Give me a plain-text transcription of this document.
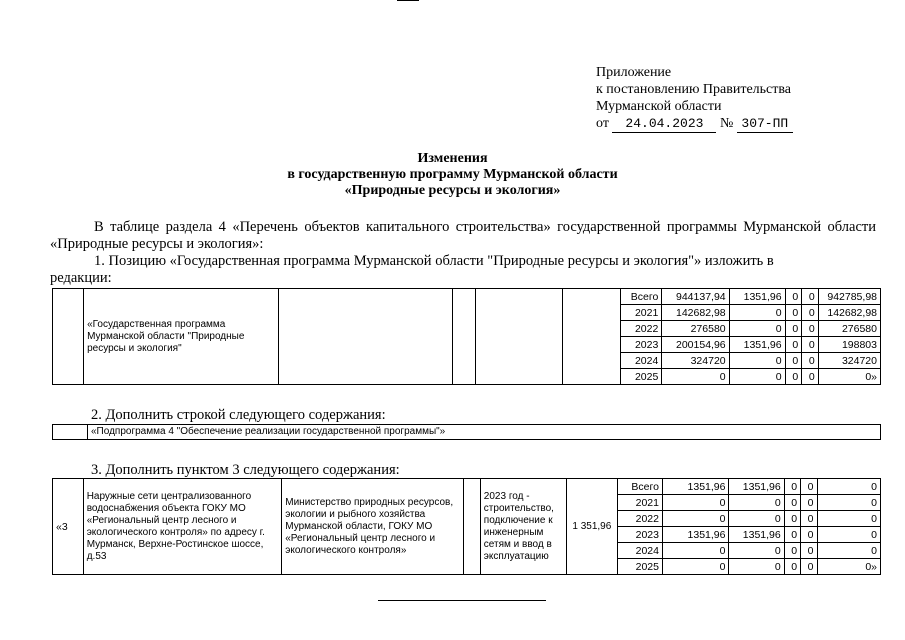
Приложение
к постановлению Правительства
Мурманской области
от 24.04.2023 № 307-ПП
Изменения
в государственную программу Мурманской области
«Природные ресурсы и экология»
В таблице раздела 4 «Перечень объектов капитального строительства» государственной программы Мурманской области «Природные ресурсы и экология»:
1. Позицию «Государственная программа Мурманской области "Природные ресурсы и экология"» изложить в
редакции:
	«Государственная программа Мурманской области "Природные ресурсы и экология"					Всего	944137,94	1351,96	0	0	942785,98
						2021	142682,98	0	0	0	142682,98
						2022	276580	0	0	0	276580
						2023	200154,96	1351,96	0	0	198803
						2024	324720	0	0	0	324720
						2025	0	0	0	0	0»
2. Дополнить строкой следующего содержания:
	«Подпрограмма 4 "Обеспечение реализации государственной программы"»
3. Дополнить пунктом 3 следующего содержания:
«3	Наружные сети централизованного водоснабжения объекта ГОКУ МО «Региональный центр лесного и экологического контроля» по адресу г. Мурманск, Верхне-Ростинское шоссе, д.53	Министерство природных ресурсов, экологии и рыбного хозяйства Мурманской области, ГОКУ МО «Региональный центр лесного и экологического контроля»		2023 год - строительство, подключение к инженерным сетям и ввод в эксплуатацию	1 351,96	Всего	1351,96	1351,96	0	0	0
						2021	0	0	0	0	0
						2022	0	0	0	0	0
						2023	1351,96	1351,96	0	0	0
						2024	0	0	0	0	0
						2025	0	0	0	0	0»
